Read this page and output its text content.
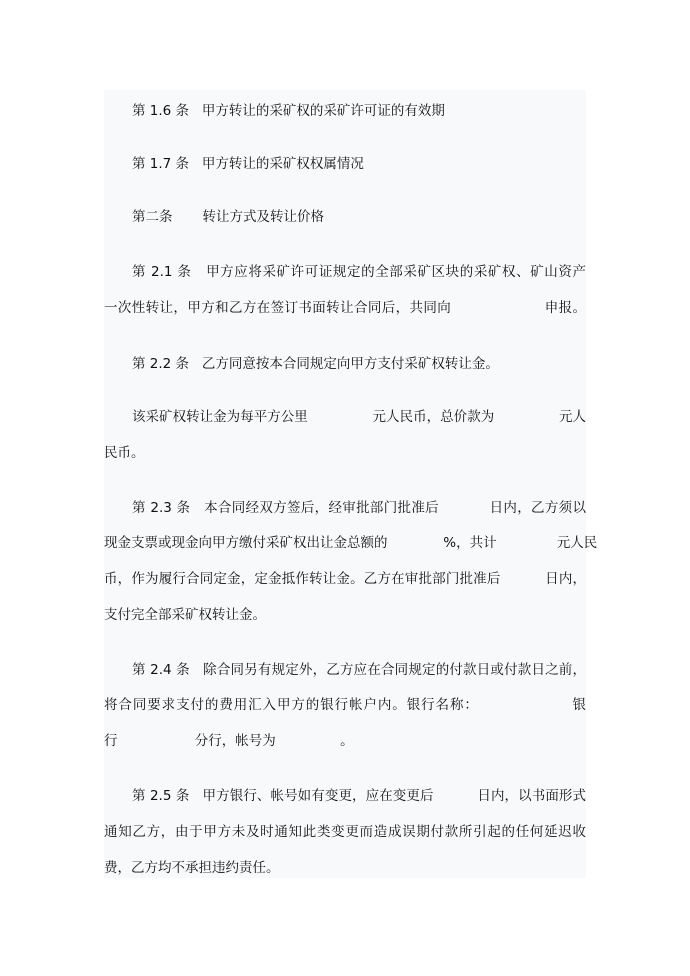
第 1.6 条   甲方转让的采矿权的采矿许可证的有效期
第 1.7 条   甲方转让的采矿权权属情况
第二条       转让方式及转让价格
第 2.1 条   甲方应将采矿许可证规定的全部采矿区块的采矿权、矿山资产
一次性转让，甲方和乙方在签订书面转让合同后，共同向                    申报。
第 2.2 条   乙方同意按本合同规定向甲方支付采矿权转让金。
该采矿权转让金为每平方公里               元人民币，总价款为               元人
民币。
第 2.3 条   本合同经双方签后，经审批部门批准后           日内，乙方须以
现金支票或现金向甲方缴付采矿权出让金总额的             %，共计              元人民
币，作为履行合同定金，定金抵作转让金。乙方在审批部门批准后          日内，
支付完全部采矿权转让金。
第 2.4 条   除合同另有规定外，乙方应在合同规定的付款日或付款日之前，
将合同要求支付的费用汇入甲方的银行帐户内。银行名称：                  银
行                  分行，帐号为               。
第 2.5 条   甲方银行、帐号如有变更，应在变更后          日内，以书面形式
通知乙方，由于甲方未及时通知此类变更而造成误期付款所引起的任何延迟收
费，乙方均不承担违约责任。
